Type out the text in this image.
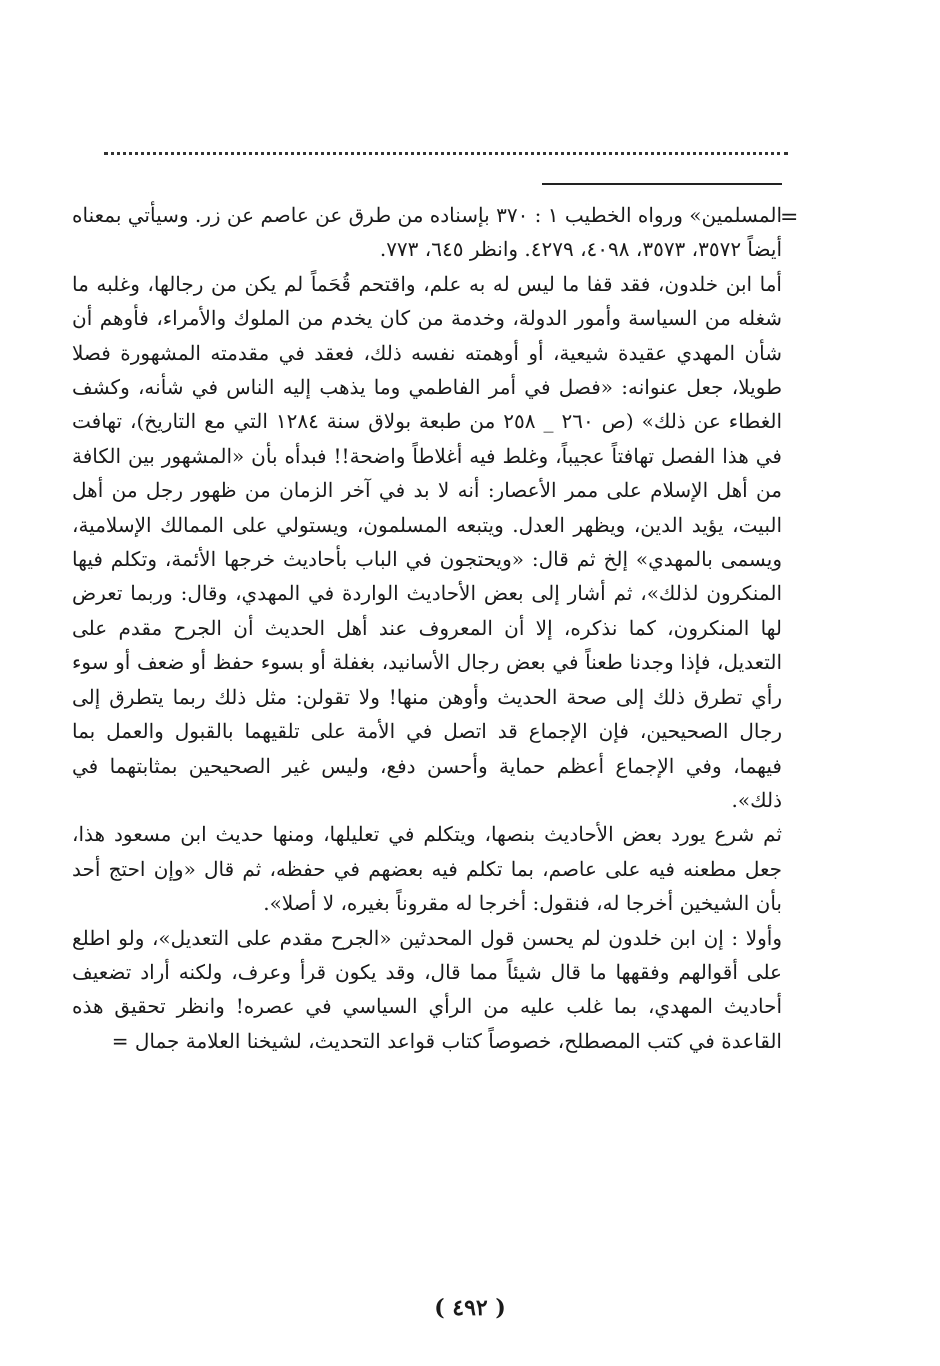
=

المسلمين» ورواه الخطيب ١ : ٣٧٠ بإسناده من طرق عن عاصم عن زر. وسيأتي بمعناه أيضاً ٣٥٧٢، ٣٥٧٣، ٤٠٩٨، ٤٢٧٩. وانظر ٦٤٥، ٧٧٣.

أما ابن خلدون، فقد قفا ما ليس له به علم، واقتحم قُحَماً لم يكن من رجالها، وغلبه ما شغله من السياسة وأمور الدولة، وخدمة من كان يخدم من الملوك والأمراء، فأوهم أن شأن المهدي عقيدة شيعية، أو أوهمته نفسه ذلك، فعقد في مقدمته المشهورة فصلا طويلا، جعل عنوانه: «فصل في أمر الفاطمي وما يذهب إليه الناس في شأنه، وكشف الغطاء عن ذلك» (ص ٢٦٠ _ ٢٥٨ من طبعة بولاق سنة ١٢٨٤ التي مع التاريخ)، تهافت في هذا الفصل تهافتاً عجيباً، وغلط فيه أغلاطاً واضحة!! فبدأه بأن «المشهور بين الكافة من أهل الإسلام على ممر الأعصار: أنه لا بد في آخر الزمان من ظهور رجل من أهل البيت، يؤيد الدين، ويظهر العدل. ويتبعه المسلمون، ويستولي على الممالك الإسلامية، ويسمى بالمهدي» إلخ ثم قال: «ويحتجون في الباب بأحاديث خرجها الأئمة، وتكلم فيها المنكرون لذلك»، ثم أشار إلى بعض الأحاديث الواردة في المهدي، وقال: وربما تعرض لها المنكرون، كما نذكره، إلا أن المعروف عند أهل الحديث أن الجرح مقدم على التعديل، فإذا وجدنا طعناً في بعض رجال الأسانيد، بغفلة أو بسوء حفظ أو ضعف أو سوء رأي تطرق ذلك إلى صحة الحديث وأوهن منها! ولا تقولن: مثل ذلك ربما يتطرق إلى رجال الصحيحين، فإن الإجماع قد اتصل في الأمة على تلقيهما بالقبول والعمل بما فيهما، وفي الإجماع أعظم حماية وأحسن دفع، وليس غير الصحيحين بمثابتهما في ذلك».

ثم شرع يورد بعض الأحاديث بنصها، ويتكلم في تعليلها، ومنها حديث ابن مسعود هذا، جعل مطعنه فيه على عاصم، بما تكلم فيه بعضهم في حفظه، ثم قال «وإن احتج أحد بأن الشيخين أخرجا له، فنقول: أخرجا له مقروناً بغيره، لا أصلا».

وأولا : إن ابن خلدون لم يحسن قول المحدثين «الجرح مقدم على التعديل»، ولو اطلع على أقوالهم وفقهها ما قال شيئاً مما قال، وقد يكون قرأ وعرف، ولكنه أراد تضعيف أحاديث المهدي، بما غلب عليه من الرأي السياسي في عصره! وانظر تحقيق هذه القاعدة في كتب المصطلح، خصوصاً كتاب قواعد التحديث، لشيخنا العلامة جمال =

( ٤٩٢ )
